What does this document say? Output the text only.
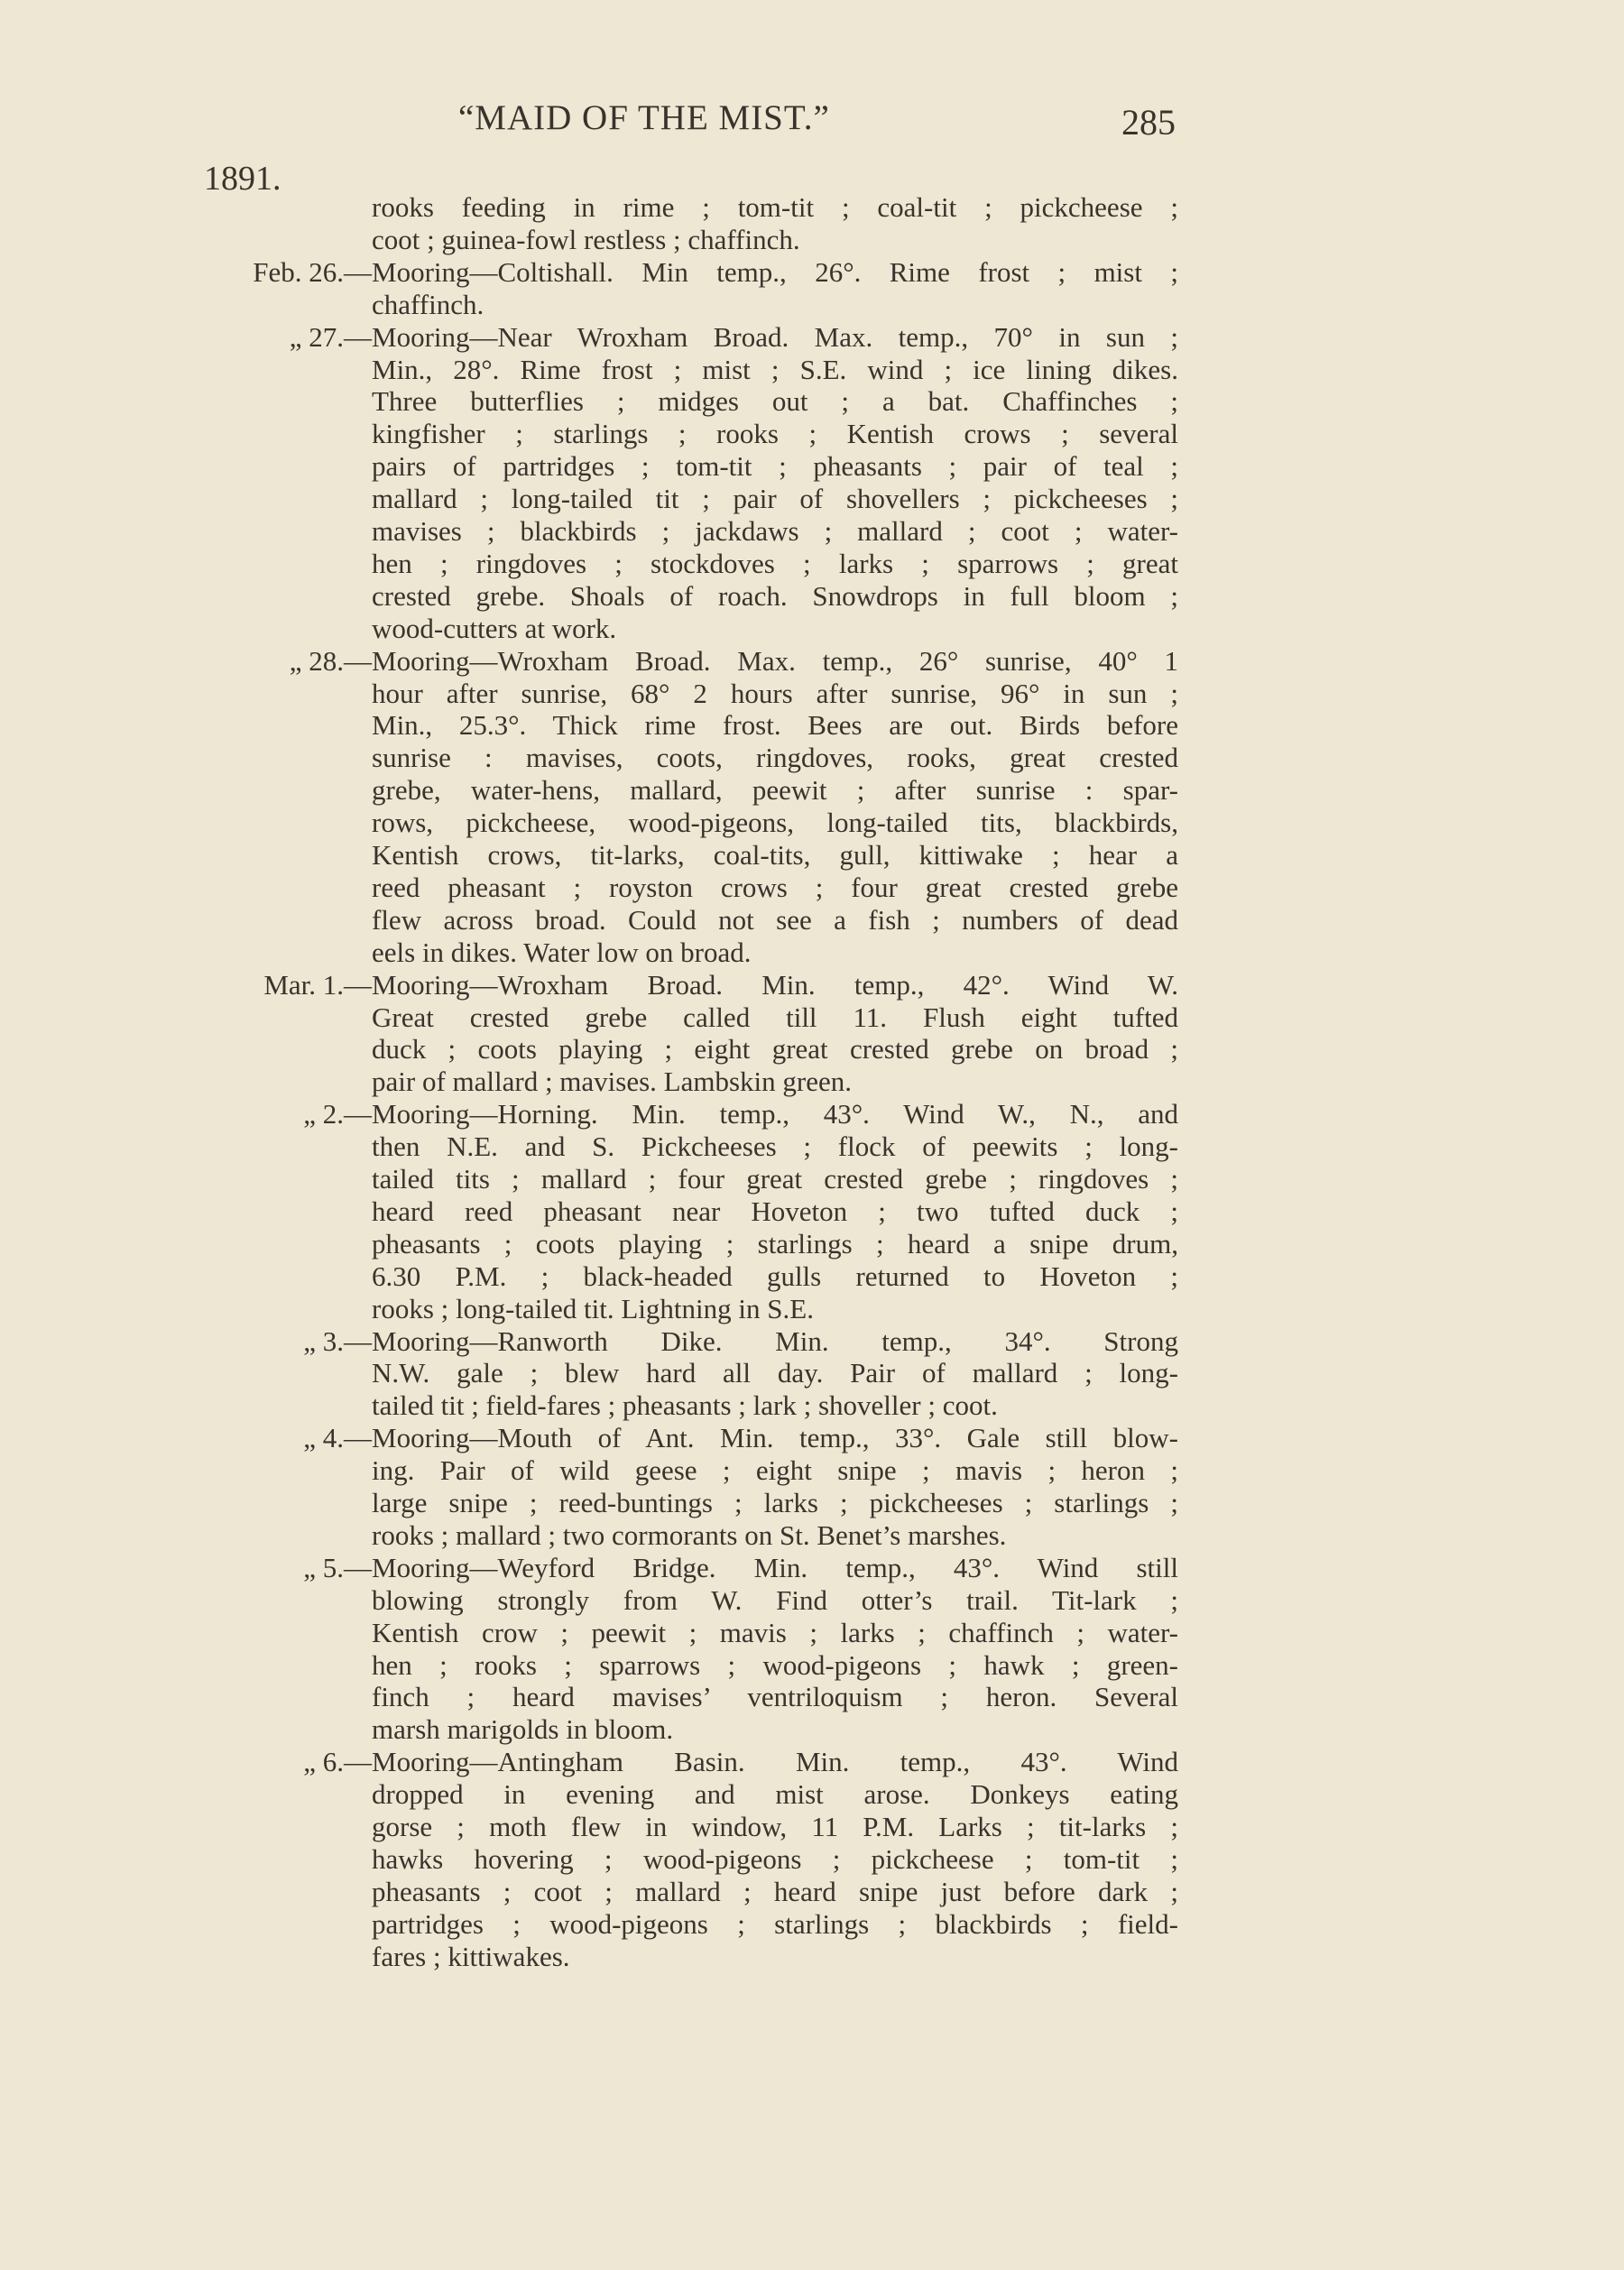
“MAID OF THE MIST.”	285
1891.
rooks feeding in rime ; tom-tit ; coal-tit ; pickcheese ;
coot ; guinea-fowl restless ; chaffinch.
Feb. 26.— Mooring—Coltishall. Min temp., 26°. Rime frost ; mist ;
chaffinch.
„ 27.— Mooring—Near Wroxham Broad. Max. temp., 70° in sun ;
Min., 28°. Rime frost ; mist ; S.E. wind ; ice lining dikes.
Three butterflies ; midges out ; a bat. Chaffinches ;
kingfisher ; starlings ; rooks ; Kentish crows ; several
pairs of partridges ; tom-tit ; pheasants ; pair of teal ;
mallard ; long-tailed tit ; pair of shovellers ; pickcheeses ;
mavises ; blackbirds ; jackdaws ; mallard ; coot ; water-
hen ; ringdoves ; stockdoves ; larks ; sparrows ; great
crested grebe. Shoals of roach. Snowdrops in full bloom ;
wood-cutters at work.
„ 28.— Mooring—Wroxham Broad. Max. temp., 26° sunrise, 40° 1
hour after sunrise, 68° 2 hours after sunrise, 96° in sun ;
Min., 25.3°. Thick rime frost. Bees are out. Birds before
sunrise : mavises, coots, ringdoves, rooks, great crested
grebe, water-hens, mallard, peewit ; after sunrise : spar-
rows, pickcheese, wood-pigeons, long-tailed tits, blackbirds,
Kentish crows, tit-larks, coal-tits, gull, kittiwake ; hear a
reed pheasant ; royston crows ; four great crested grebe
flew across broad. Could not see a fish ; numbers of dead
eels in dikes. Water low on broad.
Mar. 1.— Mooring—Wroxham Broad. Min. temp., 42°. Wind W.
Great crested grebe called till 11. Flush eight tufted
duck ; coots playing ; eight great crested grebe on broad ;
pair of mallard ; mavises. Lambskin green.
„ 2.— Mooring—Horning. Min. temp., 43°. Wind W., N., and
then N.E. and S. Pickcheeses ; flock of peewits ; long-
tailed tits ; mallard ; four great crested grebe ; ringdoves ;
heard reed pheasant near Hoveton ; two tufted duck ;
pheasants ; coots playing ; starlings ; heard a snipe drum,
6.30 P.M. ; black-headed gulls returned to Hoveton ;
rooks ; long-tailed tit. Lightning in S.E.
„ 3.— Mooring—Ranworth Dike. Min. temp., 34°. Strong
N.W. gale ; blew hard all day. Pair of mallard ; long-
tailed tit ; field-fares ; pheasants ; lark ; shoveller ; coot.
„ 4.— Mooring—Mouth of Ant. Min. temp., 33°. Gale still blow-
ing. Pair of wild geese ; eight snipe ; mavis ; heron ;
large snipe ; reed-buntings ; larks ; pickcheeses ; starlings ;
rooks ; mallard ; two cormorants on St. Benet’s marshes.
„ 5.— Mooring—Weyford Bridge. Min. temp., 43°. Wind still
blowing strongly from W. Find otter’s trail. Tit-lark ;
Kentish crow ; peewit ; mavis ; larks ; chaffinch ; water-
hen ; rooks ; sparrows ; wood-pigeons ; hawk ; green-
finch ; heard mavises’ ventriloquism ; heron. Several
marsh marigolds in bloom.
„ 6.— Mooring—Antingham Basin. Min. temp., 43°. Wind
dropped in evening and mist arose. Donkeys eating
gorse ; moth flew in window, 11 P.M. Larks ; tit-larks ;
hawks hovering ; wood-pigeons ; pickcheese ; tom-tit ;
pheasants ; coot ; mallard ; heard snipe just before dark ;
partridges ; wood-pigeons ; starlings ; blackbirds ; field-
fares ; kittiwakes.
